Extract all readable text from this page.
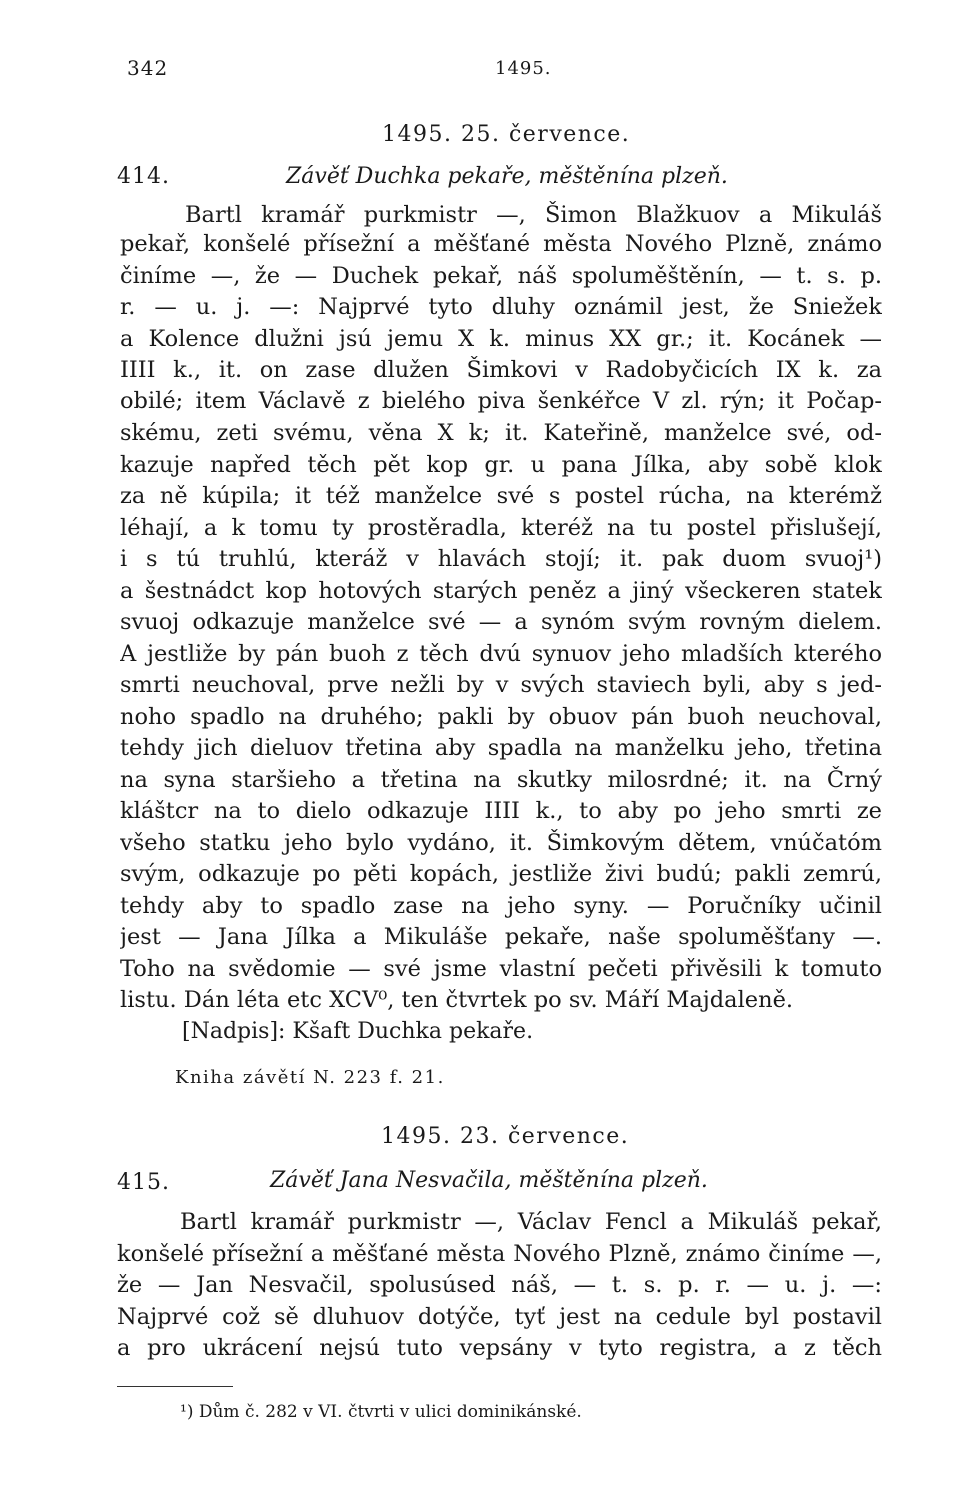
342	1495.
1495. 25. července.
414.	Závěť Duchka pekaře, měštěnína plzeň.
Bartl kramář purkmistr —, Šimon Blažkuov a Mikuláš
pekař, konšelé přísežní a měšťané města Nového Plzně, známo
činíme —, že — Duchek pekař, náš spoluměštěnín, — t. s. p.
r. — u. j. —: Najprvé tyto dluhy oznámil jest, že Sniežek
a Kolence dlužni jsú jemu X k. minus XX gr.; it. Kocánek —
IIII k., it. on zase dlužen Šimkovi v Radobyčicích IX k. za
obilé; item Václavě z bielého piva šenkéřce V zl. rýn; it Počap-
skému, zeti svému, věna X k; it. Kateřině, manželce své, od-
kazuje napřed těch pět kop gr. u pana Jílka, aby sobě klok
za ně kúpila; it též manželce své s postel rúcha, na kterémž
léhají, a k tomu ty prostěradla, kteréž na tu postel přislušejí,
i s tú truhlú, kteráž v hlavách stojí; it. pak duom svuoj¹)
a šestnádct kop hotových starých peněz a jiný všeckeren statek
svuoj odkazuje manželce své — a synóm svým rovným dielem.
A jestliže by pán buoh z těch dvú synuov jeho mladších kterého
smrti neuchoval, prve nežli by v svých staviech byli, aby s jed-
noho spadlo na druhého; pakli by obuov pán buoh neuchoval,
tehdy jich dieluov třetina aby spadla na manželku jeho, třetina
na syna staršieho a třetina na skutky milosrdné; it. na Črný
kláštcr na to dielo odkazuje IIII k., to aby po jeho smrti ze
všeho statku jeho bylo vydáno, it. Šimkovým dětem, vnúčatóm
svým, odkazuje po pěti kopách, jestliže živi budú; pakli zemrú,
tehdy aby to spadlo zase na jeho syny. — Poručníky učinil
jest — Jana Jílka a Mikuláše pekaře, naše spoluměšťany —.
Toho na svědomie — své jsme vlastní pečeti přivěsili k tomuto
listu. Dán léta etc XCV⁰, ten čtvrtek po sv. Máří Majdaleně.
[Nadpis]: Kšaft Duchka pekaře.
Kniha závětí N. 223 f. 21.
1495. 23. července.
415.	Závěť Jana Nesvačila, měštěnína plzeň.
Bartl kramář purkmistr —, Václav Fencl a Mikuláš pekař,
konšelé přísežní a měšťané města Nového Plzně, známo činíme —,
že — Jan Nesvačil, spolusúsed náš, — t. s. p. r. — u. j. —:
Najprvé což sě dluhuov dotýče, tyť jest na cedule byl postavil
a pro ukrácení nejsú tuto vepsány v tyto registra, a z těch
¹) Dům č. 282 v VI. čtvrti v ulici dominikánské.
